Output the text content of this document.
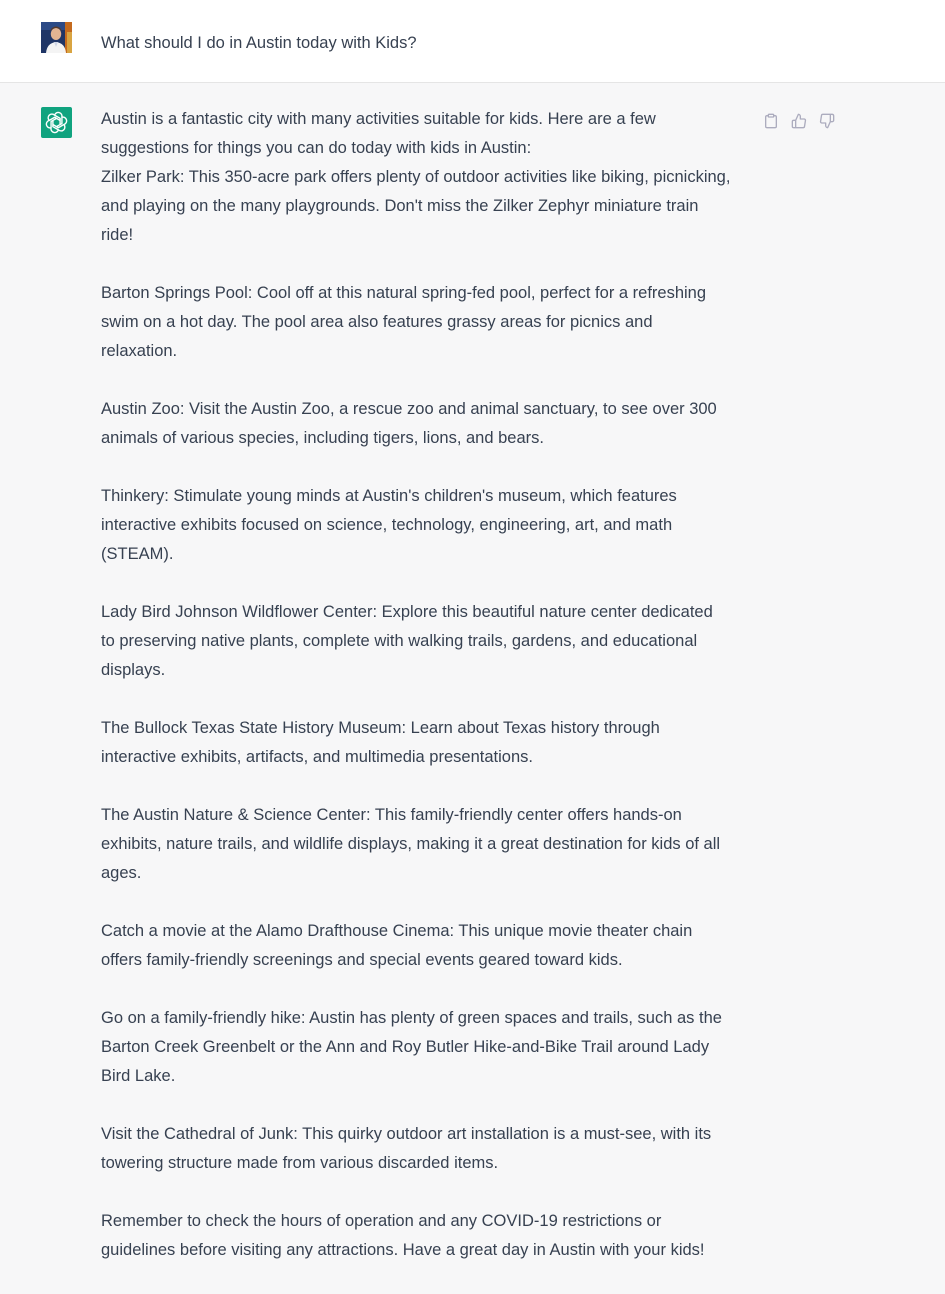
What should I do in Austin today with Kids?

Austin is a fantastic city with many activities suitable for kids. Here are a few suggestions for things you can do today with kids in Austin:

Zilker Park: This 350-acre park offers plenty of outdoor activities like biking, picnicking, and playing on the many playgrounds. Don't miss the Zilker Zephyr miniature train ride!

Barton Springs Pool: Cool off at this natural spring-fed pool, perfect for a refreshing swim on a hot day. The pool area also features grassy areas for picnics and relaxation.

Austin Zoo: Visit the Austin Zoo, a rescue zoo and animal sanctuary, to see over 300 animals of various species, including tigers, lions, and bears.

Thinkery: Stimulate young minds at Austin's children's museum, which features interactive exhibits focused on science, technology, engineering, art, and math (STEAM).

Lady Bird Johnson Wildflower Center: Explore this beautiful nature center dedicated to preserving native plants, complete with walking trails, gardens, and educational displays.

The Bullock Texas State History Museum: Learn about Texas history through interactive exhibits, artifacts, and multimedia presentations.

The Austin Nature & Science Center: This family-friendly center offers hands-on exhibits, nature trails, and wildlife displays, making it a great destination for kids of all ages.

Catch a movie at the Alamo Drafthouse Cinema: This unique movie theater chain offers family-friendly screenings and special events geared toward kids.

Go on a family-friendly hike: Austin has plenty of green spaces and trails, such as the Barton Creek Greenbelt or the Ann and Roy Butler Hike-and-Bike Trail around Lady Bird Lake.

Visit the Cathedral of Junk: This quirky outdoor art installation is a must-see, with its towering structure made from various discarded items.

Remember to check the hours of operation and any COVID-19 restrictions or guidelines before visiting any attractions. Have a great day in Austin with your kids!
